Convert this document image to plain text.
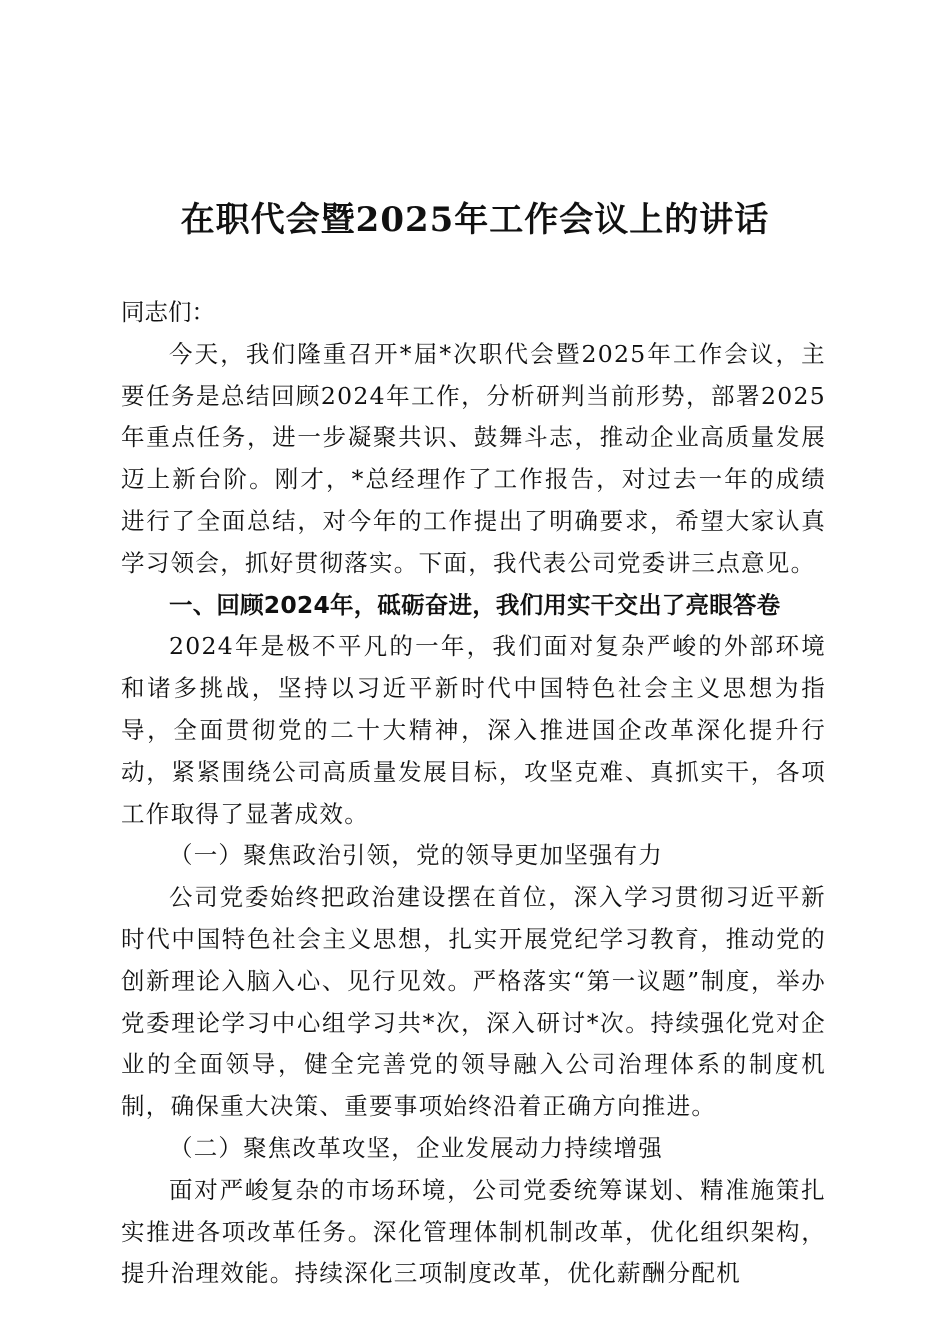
在职代会暨2025年工作会议上的讲话

同志们：

今天，我们隆重召开*届*次职代会暨2025年工作会议，主要任务是总结回顾2024年工作，分析研判当前形势，部署2025年重点任务，进一步凝聚共识、鼓舞斗志，推动企业高质量发展迈上新台阶。刚才，*总经理作了工作报告，对过去一年的成绩进行了全面总结，对今年的工作提出了明确要求，希望大家认真学习领会，抓好贯彻落实。下面，我代表公司党委讲三点意见。

一、回顾2024年，砥砺奋进，我们用实干交出了亮眼答卷

2024年是极不平凡的一年，我们面对复杂严峻的外部环境和诸多挑战，坚持以习近平新时代中国特色社会主义思想为指导，全面贯彻党的二十大精神，深入推进国企改革深化提升行动，紧紧围绕公司高质量发展目标，攻坚克难、真抓实干，各项工作取得了显著成效。

（一）聚焦政治引领，党的领导更加坚强有力

公司党委始终把政治建设摆在首位，深入学习贯彻习近平新时代中国特色社会主义思想，扎实开展党纪学习教育，推动党的创新理论入脑入心、见行见效。严格落实“第一议题”制度，举办党委理论学习中心组学习共*次，深入研讨*次。持续强化党对企业的全面领导，健全完善党的领导融入公司治理体系的制度机制，确保重大决策、重要事项始终沿着正确方向推进。

（二）聚焦改革攻坚，企业发展动力持续增强

面对严峻复杂的市场环境，公司党委统筹谋划、精准施策扎实推进各项改革任务。深化管理体制机制改革，优化组织架构，提升治理效能。持续深化三项制度改革，优化薪酬分配机
